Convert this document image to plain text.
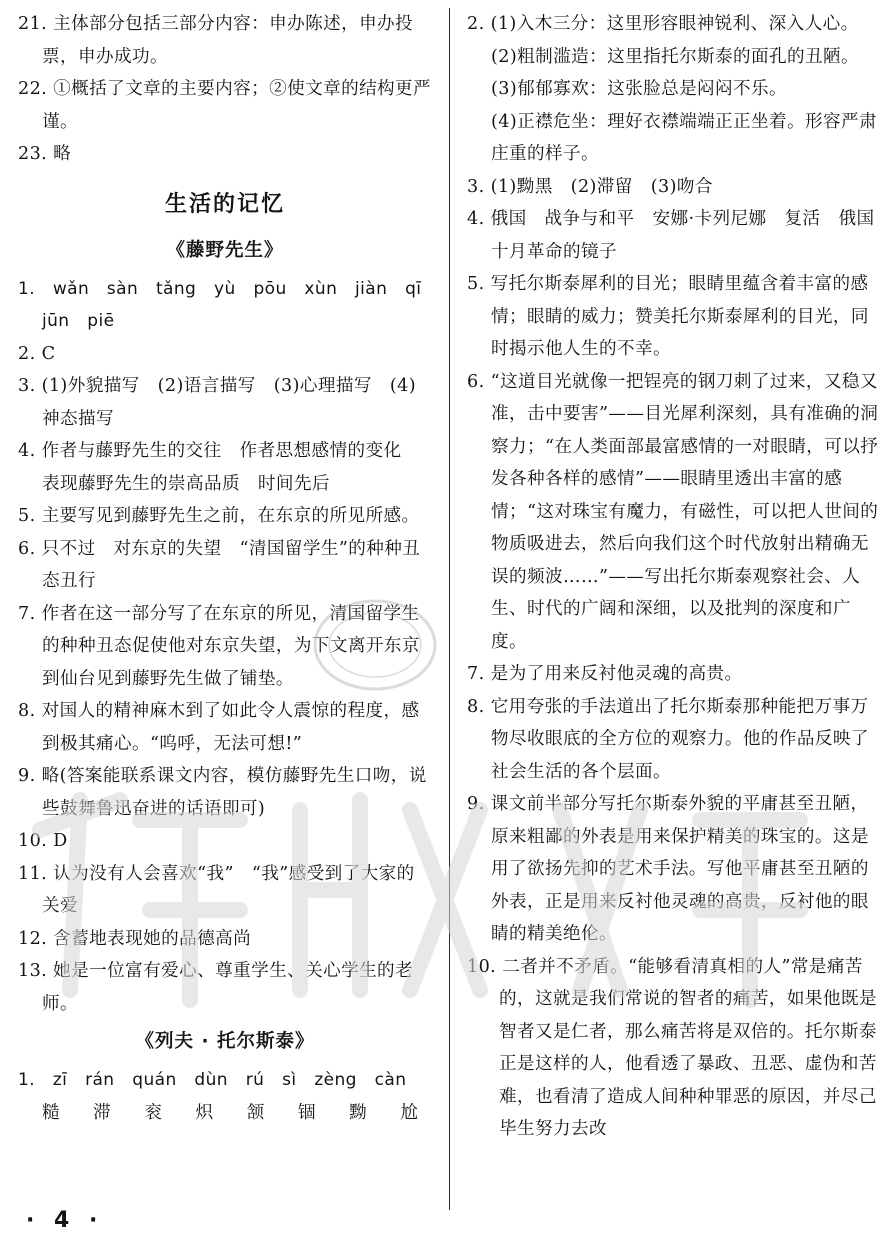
21. 主体部分包括三部分内容：申办陈述，申办投票，申办成功。

22. ①概括了文章的主要内容；②使文章的结构更严谨。

23. 略

生活的记忆
《藤野先生》

1. wǎn sàn tǎng yù pōu xùn jiàn qī

jūn piē

2. C

3. (1)外貌描写　(2)语言描写　(3)心理描写　(4)神态描写

4. 作者与藤野先生的交往　作者思想感情的变化　表现藤野先生的崇高品质　时间先后

5. 主要写见到藤野先生之前，在东京的所见所感。

6. 只不过　对东京的失望　“清国留学生”的种种丑态丑行

7. 作者在这一部分写了在东京的所见，清国留学生的种种丑态促使他对东京失望，为下文离开东京到仙台见到藤野先生做了铺垫。

8. 对国人的精神麻木到了如此令人震惊的程度，感到极其痛心。“呜呼，无法可想!”

9. 略(答案能联系课文内容，模仿藤野先生口吻，说些鼓舞鲁迅奋进的话语即可)

10. D

11. 认为没有人会喜欢“我”　“我”感受到了大家的关爱

12. 含蓄地表现她的品德高尚

13. 她是一位富有爱心、尊重学生、关心学生的老师。

《列夫 · 托尔斯泰》

1. zī rán quán dùn rú sì zèng càn

糙 滞 衮 炽 颔 锢 黝 尬

2. (1)入木三分：这里形容眼神锐利、深入人心。

(2)粗制滥造：这里指托尔斯泰的面孔的丑陋。

(3)郁郁寡欢：这张脸总是闷闷不乐。

(4)正襟危坐：理好衣襟端端正正坐着。形容严肃庄重的样子。

3. (1)黝黑　(2)滞留　(3)吻合

4. 俄国　战争与和平　安娜·卡列尼娜　复活　俄国十月革命的镜子

5. 写托尔斯泰犀利的目光；眼睛里蕴含着丰富的感情；眼睛的威力；赞美托尔斯泰犀利的目光，同时揭示他人生的不幸。

6. “这道目光就像一把锃亮的钢刀刺了过来，又稳又准，击中要害”——目光犀利深刻，具有准确的洞察力；“在人类面部最富感情的一对眼睛，可以抒发各种各样的感情”——眼睛里透出丰富的感情；“这对珠宝有魔力，有磁性，可以把人世间的物质吸进去，然后向我们这个时代放射出精确无误的频波……”——写出托尔斯泰观察社会、人生、时代的广阔和深细，以及批判的深度和广度。

7. 是为了用来反衬他灵魂的高贵。

8. 它用夸张的手法道出了托尔斯泰那种能把万事万物尽收眼底的全方位的观察力。他的作品反映了社会生活的各个层面。

9. 课文前半部分写托尔斯泰外貌的平庸甚至丑陋，原来粗鄙的外表是用来保护精美的珠宝的。这是用了欲扬先抑的艺术手法。写他平庸甚至丑陋的外表，正是用来反衬他灵魂的高贵，反衬他的眼睛的精美绝伦。

10. 二者并不矛盾。“能够看清真相的人”常是痛苦的，这就是我们常说的智者的痛苦，如果他既是智者又是仁者，那么痛苦将是双倍的。托尔斯泰正是这样的人，他看透了暴政、丑恶、虚伪和苦难，也看清了造成人间种种罪恶的原因，并尽己毕生努力去改

· 4 ·
